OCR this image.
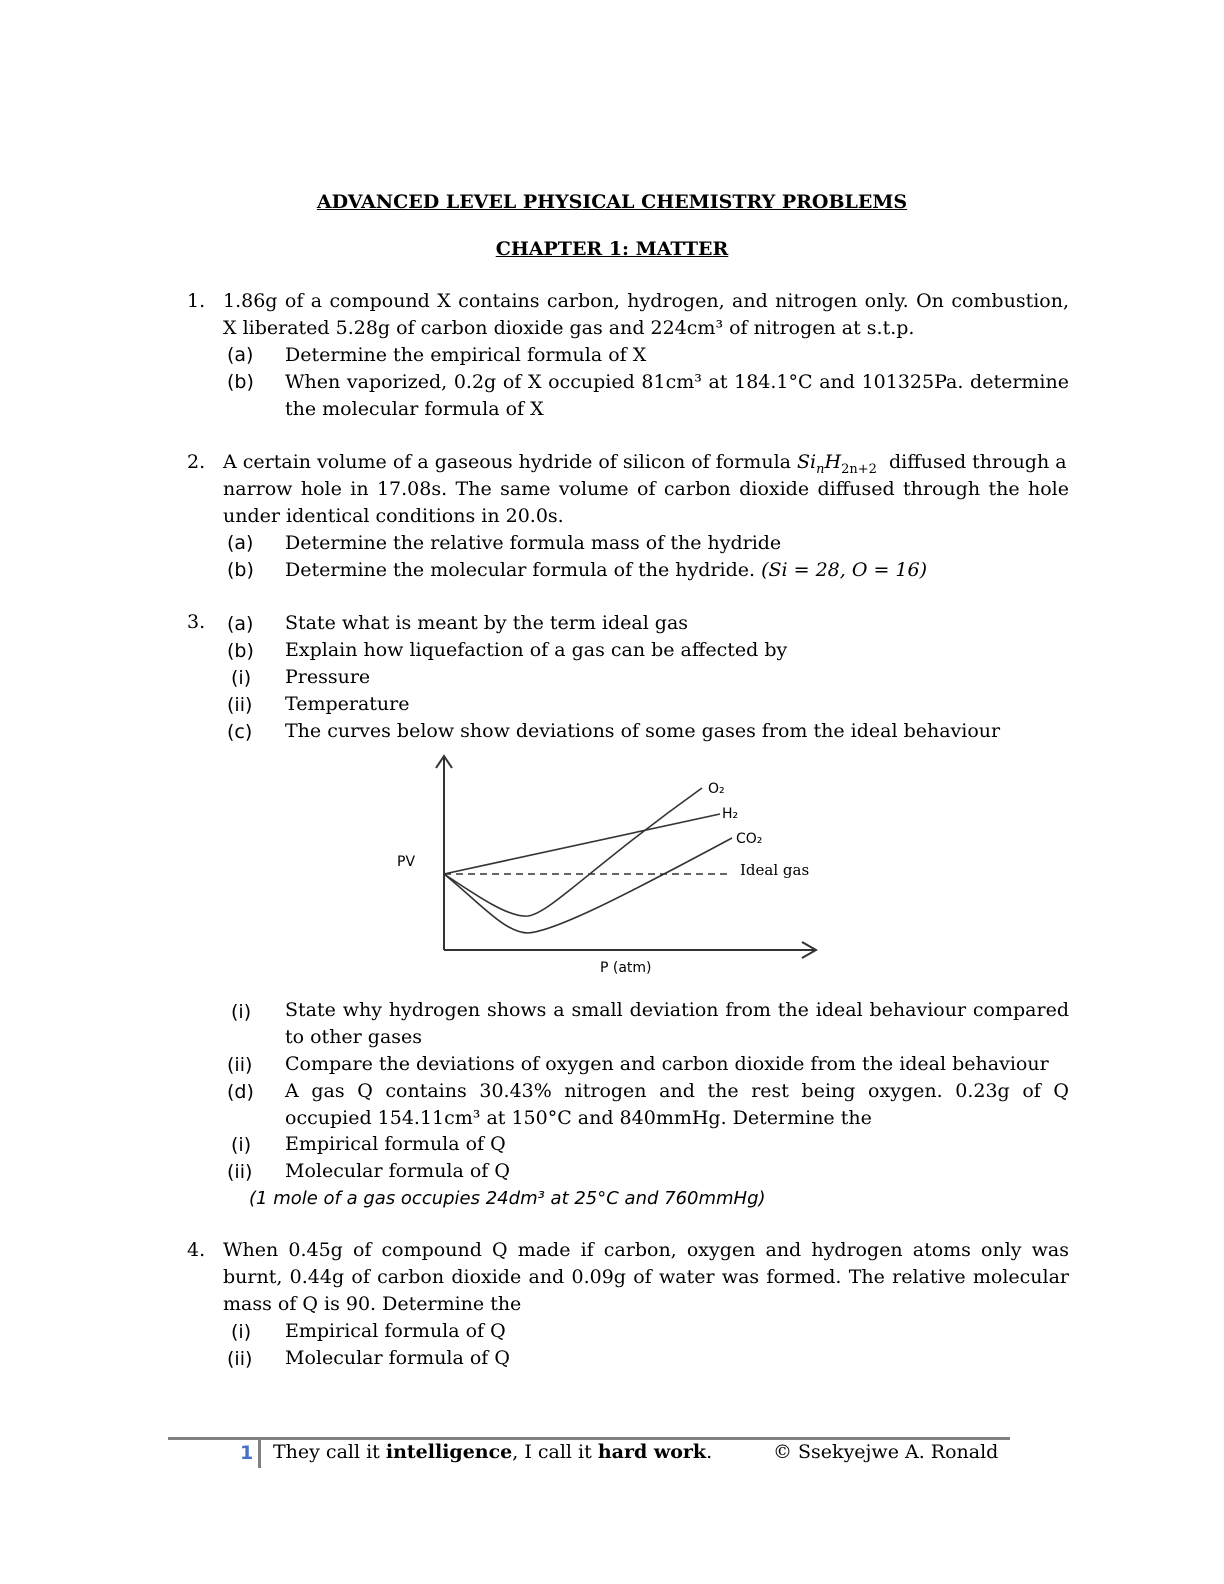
ADVANCED LEVEL PHYSICAL CHEMISTRY PROBLEMS
CHAPTER 1: MATTER
1. 1.86g of a compound X contains carbon, hydrogen, and nitrogen only. On combustion,
X liberated 5.28g of carbon dioxide gas and 224cm³ of nitrogen at s.t.p.
(a) Determine the empirical formula of X
(b) When vaporized, 0.2g of X occupied 81cm³ at 184.1°C and 101325Pa. determine
the molecular formula of X
2. A certain volume of a gaseous hydride of silicon of formula $Si_nH_{2n+2}$ diffused through a
narrow hole in 17.08s. The same volume of carbon dioxide diffused through the hole
under identical conditions in 20.0s.
(a) Determine the relative formula mass of the hydride
(b) Determine the molecular formula of the hydride. (Si = 28, O = 16)
3. (a) State what is meant by the term ideal gas
(b) Explain how liquefaction of a gas can be affected by
(i) Pressure
(ii) Temperature
(c) The curves below show deviations of some gases from the ideal behaviour
PV
P (atm)
O₂
H₂
CO₂
Ideal gas
(i) State why hydrogen shows a small deviation from the ideal behaviour compared
to other gases
(ii) Compare the deviations of oxygen and carbon dioxide from the ideal behaviour
(d) A gas Q contains 30.43% nitrogen and the rest being oxygen. 0.23g of Q
occupied 154.11cm³ at 150°C and 840mmHg. Determine the
(i) Empirical formula of Q
(ii) Molecular formula of Q
(1 mole of a gas occupies 24dm³ at 25°C and 760mmHg)
4. When 0.45g of compound Q made if carbon, oxygen and hydrogen atoms only was
burnt, 0.44g of carbon dioxide and 0.09g of water was formed. The relative molecular
mass of Q is 90. Determine the
(i) Empirical formula of Q
(ii) Molecular formula of Q
1 They call it intelligence, I call it hard work.	© Ssekyejwe A. Ronald
